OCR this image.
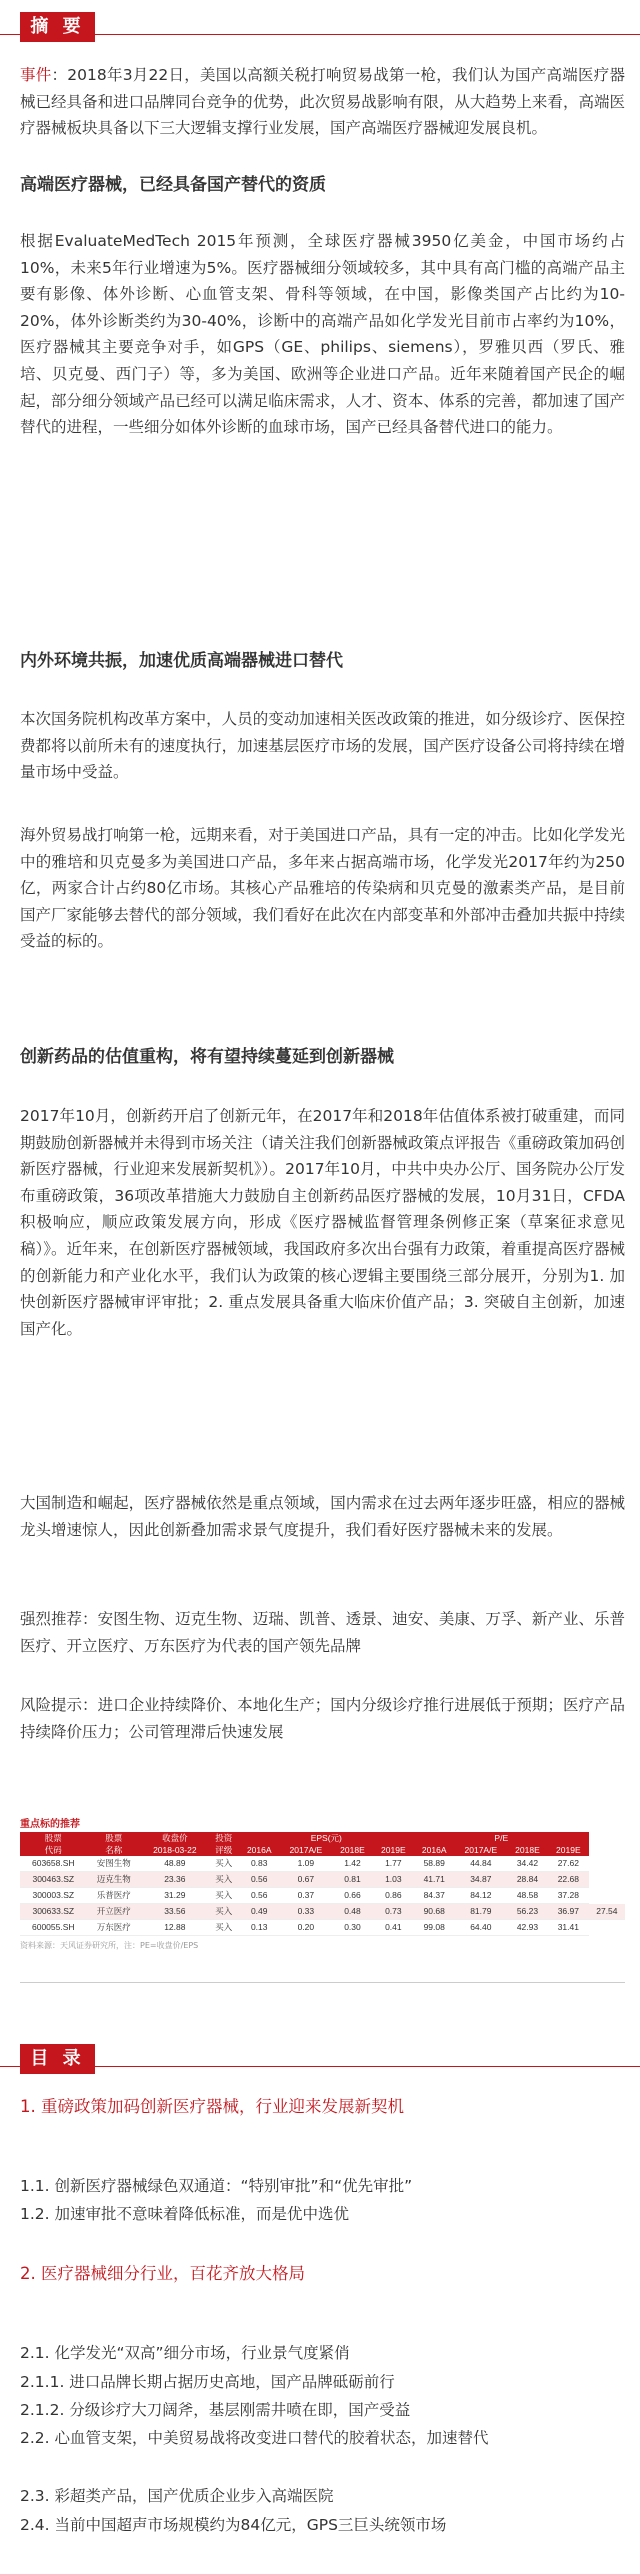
摘 要
事件：2018年3月22日，美国以高额关税打响贸易战第一枪，我们认为国产高端医疗器械已经具备和进口品牌同台竞争的优势，此次贸易战影响有限，从大趋势上来看，高端医疗器械板块具备以下三大逻辑支撑行业发展，国产高端医疗器械迎发展良机。
高端医疗器械，已经具备国产替代的资质
根据EvaluateMedTech 2015年预测，全球医疗器械3950亿美金，中国市场约占10%，未来5年行业增速为5%。医疗器械细分领域较多，其中具有高门槛的高端产品主要有影像、体外诊断、心血管支架、骨科等领域，在中国，影像类国产占比约为10-20%，体外诊断类约为30-40%，诊断中的高端产品如化学发光目前市占率约为10%，医疗器械其主要竞争对手，如GPS（GE、philips、siemens），罗雅贝西（罗氏、雅培、贝克曼、西门子）等，多为美国、欧洲等企业进口产品。近年来随着国产民企的崛起，部分细分领域产品已经可以满足临床需求，人才、资本、体系的完善，都加速了国产替代的进程，一些细分如体外诊断的血球市场，国产已经具备替代进口的能力。
内外环境共振，加速优质高端器械进口替代
本次国务院机构改革方案中，人员的变动加速相关医改政策的推进，如分级诊疗、医保控费都将以前所未有的速度执行，加速基层医疗市场的发展，国产医疗设备公司将持续在增量市场中受益。
海外贸易战打响第一枪，远期来看，对于美国进口产品，具有一定的冲击。比如化学发光中的雅培和贝克曼多为美国进口产品，多年来占据高端市场，化学发光2017年约为250亿，两家合计占约80亿市场。其核心产品雅培的传染病和贝克曼的激素类产品，是目前国产厂家能够去替代的部分领域，我们看好在此次在内部变革和外部冲击叠加共振中持续受益的标的。
创新药品的估值重构，将有望持续蔓延到创新器械
2017年10月，创新药开启了创新元年，在2017年和2018年估值体系被打破重建，而同期鼓励创新器械并未得到市场关注（请关注我们创新器械政策点评报告《重磅政策加码创新医疗器械，行业迎来发展新契机》）。2017年10月，中共中央办公厅、国务院办公厅发布重磅政策，36项改革措施大力鼓励自主创新药品医疗器械的发展，10月31日，CFDA积极响应，顺应政策发展方向，形成《医疗器械监督管理条例修正案（草案征求意见稿）》。近年来，在创新医疗器械领域，我国政府多次出台强有力政策，着重提高医疗器械的创新能力和产业化水平，我们认为政策的核心逻辑主要围绕三部分展开，分别为1. 加快创新医疗器械审评审批；2. 重点发展具备重大临床价值产品；3. 突破自主创新，加速国产化。
大国制造和崛起，医疗器械依然是重点领域，国内需求在过去两年逐步旺盛，相应的器械龙头增速惊人，因此创新叠加需求景气度提升，我们看好医疗器械未来的发展。
强烈推荐：安图生物、迈克生物、迈瑞、凯普、透景、迪安、美康、万孚、新产业、乐普医疗、开立医疗、万东医疗为代表的国产领先品牌
风险提示：进口企业持续降价、本地化生产；国内分级诊疗推行进展低于预期；医疗产品持续降价压力；公司管理滞后快速发展
重点标的推荐
股票	股票	收盘价	投资	EPS(元)				P/E				
代码	名称	2018-03-22	评级	2016A	2017A/E	2018E	2019E	2016A	2017A/E	2018E	2019E	
603658.SH	安图生物	48.89	买入	0.83	1.09	1.42	1.77	58.89	44.84	34.42	27.62	
300463.SZ	迈克生物	23.36	买入	0.56	0.67	0.81	1.03	41.71	34.87	28.84	22.68	
300003.SZ	乐普医疗	31.29	买入	0.56	0.37	0.66	0.86	84.37	84.12	48.58	37.28	
300633.SZ	开立医疗	33.56	买入	0.49	0.33	0.48	0.73	90.68	81.79	56.23	36.97	27.54
600055.SH	万东医疗	12.88	买入	0.13	0.20	0.30	0.41	99.08	64.40	42.93	31.41	
资料来源：天风证券研究所，注：PE=收盘价/EPS
目 录
1. 重磅政策加码创新医疗器械，行业迎来发展新契机
1.1. 创新医疗器械绿色双通道：“特别审批”和“优先审批”
1.2. 加速审批不意味着降低标准，而是优中选优
2. 医疗器械细分行业，百花齐放大格局
2.1. 化学发光“双高”细分市场，行业景气度紧俏
2.1.1. 进口品牌长期占据历史高地，国产品牌砥砺前行
2.1.2. 分级诊疗大刀阔斧，基层刚需井喷在即，国产受益
2.2. 心血管支架，中美贸易战将改变进口替代的胶着状态，加速替代
2.3. 彩超类产品，国产优质企业步入高端医院
2.4. 当前中国超声市场规模约为84亿元，GPS三巨头统领市场
